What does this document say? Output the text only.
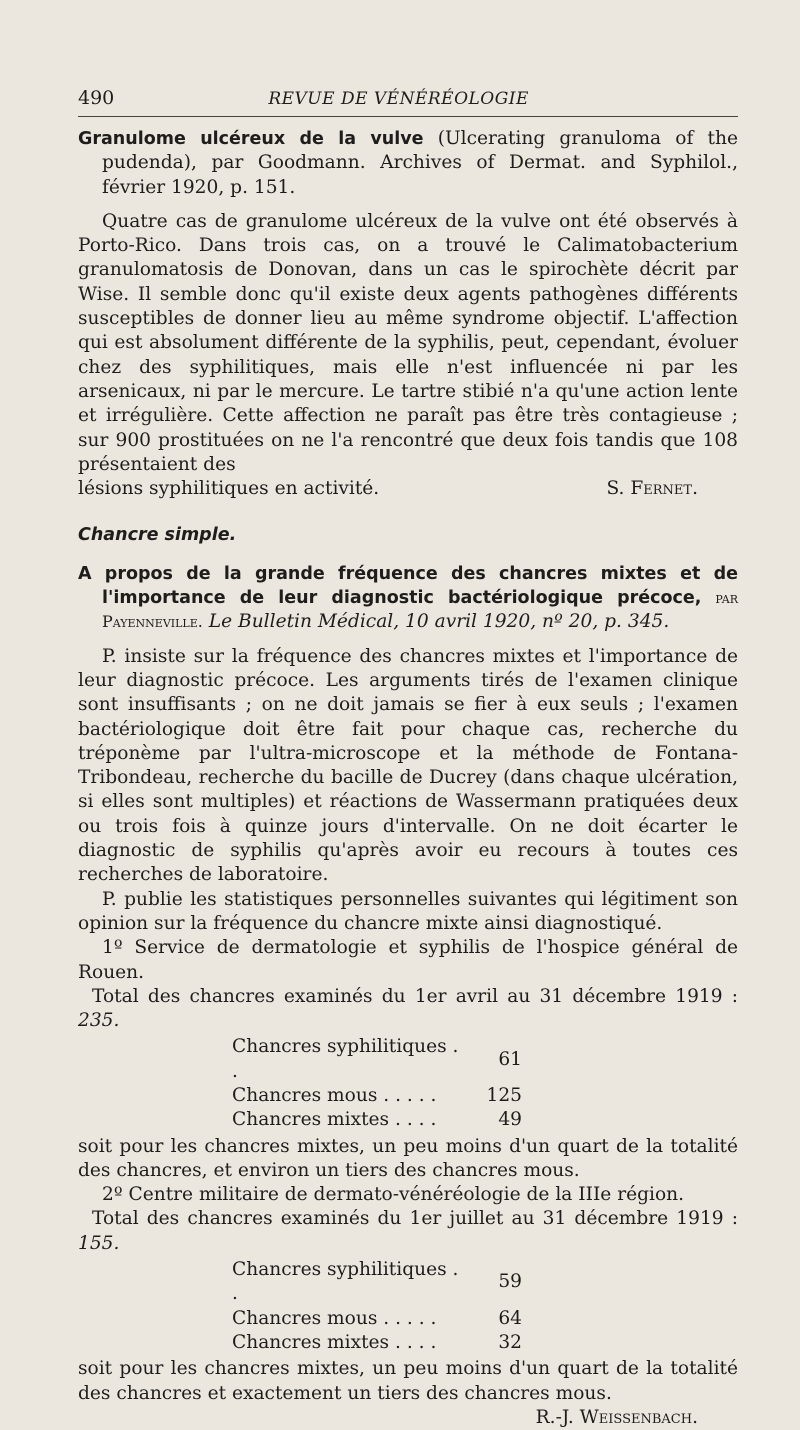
490	REVUE DE VÉNÉRÉOLOGIE

Granulome ulcéreux de la vulve (Ulcerating granuloma of the pudenda), par Goodmann. Archives of Dermat. and Syphilol., février 1920, p. 151.

Quatre cas de granulome ulcéreux de la vulve ont été observés à Porto-Rico. Dans trois cas, on a trouvé le Calimatobacterium granulomatosis de Donovan, dans un cas le spirochète décrit par Wise. Il semble donc qu'il existe deux agents pathogènes différents susceptibles de donner lieu au même syndrome objectif. L'affection qui est absolument différente de la syphilis, peut, cependant, évoluer chez des syphilitiques, mais elle n'est influencée ni par les arsenicaux, ni par le mercure. Le tartre stibié n'a qu'une action lente et irrégulière. Cette affection ne paraît pas être très contagieuse ; sur 900 prostituées on ne l'a rencontré que deux fois tandis que 108 présentaient des

lésions syphilitiques en activité.	S. Fernet.

Chancre simple.

A propos de la grande fréquence des chancres mixtes et de l'importance de leur diagnostic bactériologique précoce, par Payenneville. Le Bulletin Médical, 10 avril 1920, nº 20, p. 345.

P. insiste sur la fréquence des chancres mixtes et l'importance de leur diagnostic précoce. Les arguments tirés de l'examen clinique sont insuffisants ; on ne doit jamais se fier à eux seuls ; l'examen bactériologique doit être fait pour chaque cas, recherche du tréponème par l'ultra-microscope et la méthode de Fontana-Tribondeau, recherche du bacille de Ducrey (dans chaque ulcération, si elles sont multiples) et réactions de Wassermann pratiquées deux ou trois fois à quinze jours d'intervalle. On ne doit écarter le diagnostic de syphilis qu'après avoir eu recours à toutes ces recherches de laboratoire.

P. publie les statistiques personnelles suivantes qui légitiment son opinion sur la fréquence du chancre mixte ainsi diagnostiqué.

1º Service de dermatologie et syphilis de l'hospice général de Rouen.

Total des chancres examinés du 1er avril au 31 décembre 1919 : 235.

Chancres syphilitiques . .	61
Chancres mous . . . . .	125
Chancres mixtes . . . .	49

soit pour les chancres mixtes, un peu moins d'un quart de la totalité des chancres, et environ un tiers des chancres mous.

2º Centre militaire de dermato-vénéréologie de la IIIe région.

Total des chancres examinés du 1er juillet au 31 décembre 1919 : 155.

Chancres syphilitiques . .	59
Chancres mous . . . . .	64
Chancres mixtes . . . .	32

soit pour les chancres mixtes, un peu moins d'un quart de la totalité des chancres et exactement un tiers des chancres mous.

R.-J. Weissenbach.
